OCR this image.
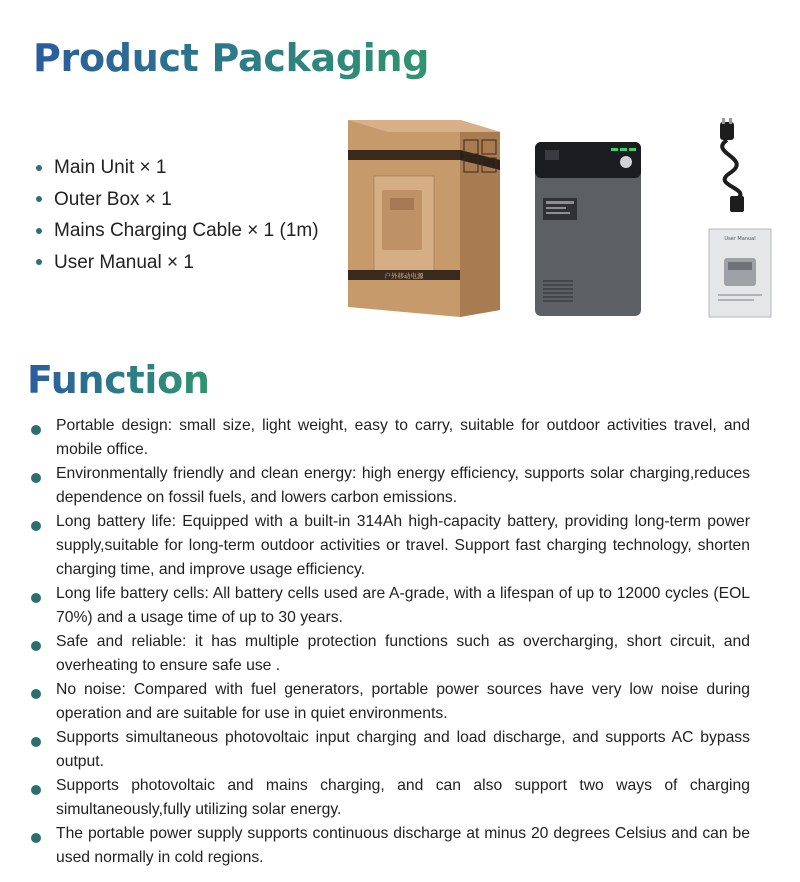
Product Packaging
Main Unit × 1
Outer Box × 1
Mains Charging Cable × 1 (1m)
User Manual × 1
户外移动电源
User Manual
Function
Portable design: small size, light weight, easy to carry, suitable for outdoor activities travel, and mobile office.
Environmentally friendly and clean energy: high energy efficiency, supports solar charging,reduces dependence on fossil fuels, and lowers carbon emissions.
Long battery life: Equipped with a built-in 314Ah high-capacity battery, providing long-term power supply,suitable for long-term outdoor activities or travel. Support fast charging technology, shorten charging time, and improve usage efficiency.
Long life battery cells: All battery cells used are A-grade, with a lifespan of up to 12000 cycles (EOL 70%) and a usage time of up to 30 years.
Safe and reliable: it has multiple protection functions such as overcharging, short circuit, and overheating to ensure safe use .
No noise: Compared with fuel generators, portable power sources have very low noise during operation and are suitable for use in quiet environments.
Supports simultaneous photovoltaic input charging and load discharge, and supports AC bypass output.
Supports photovoltaic and mains charging, and can also support two ways of charging simultaneously,fully utilizing solar energy.
The portable power supply supports continuous discharge at minus 20 degrees Celsius and can be used normally in cold regions.
